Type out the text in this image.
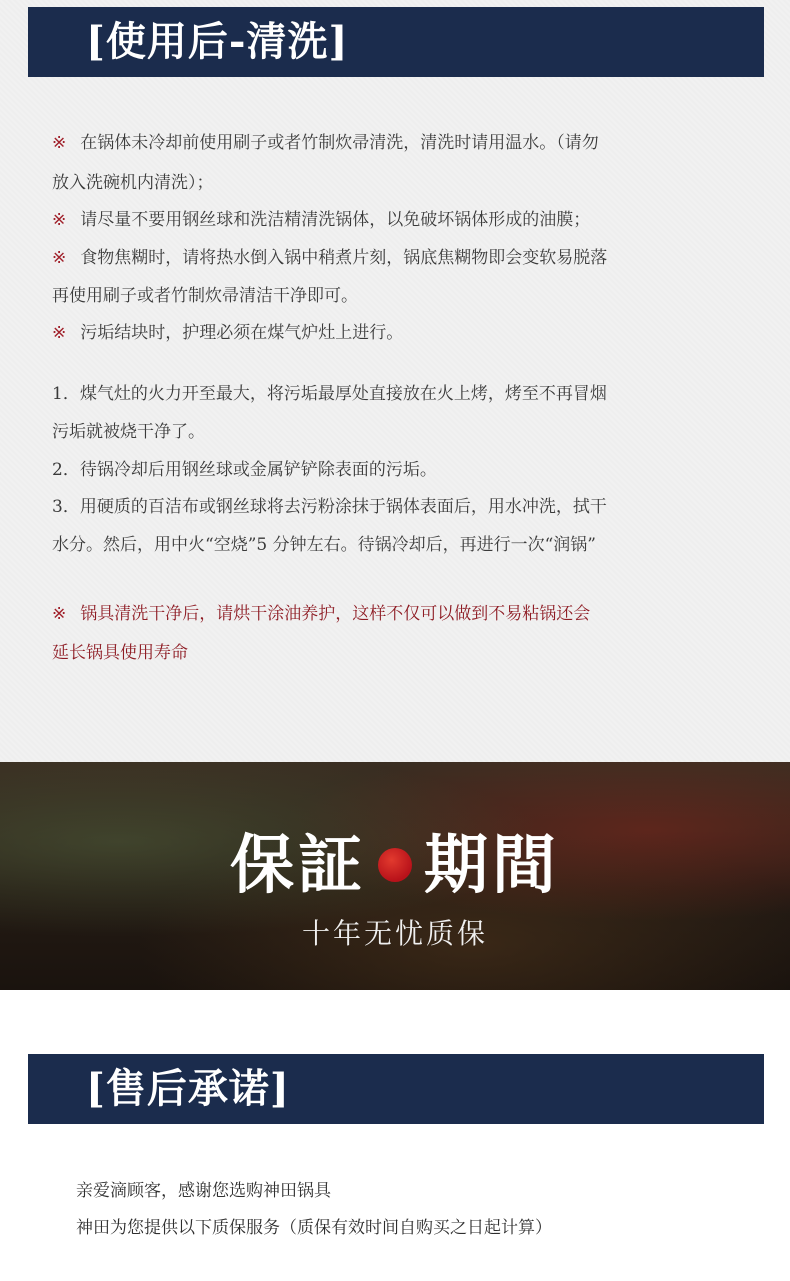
[使用后-清洗]
※ 在锅体未冷却前使用刷子或者竹制炊帚清洗，清洗时请用温水。（请勿
放入洗碗机内清洗）；
※ 请尽量不要用钢丝球和洗洁精清洗锅体，以免破坏锅体形成的油膜；
※ 食物焦糊时，请将热水倒入锅中稍煮片刻，锅底焦糊物即会变软易脱落
再使用刷子或者竹制炊帚清洁干净即可。
※ 污垢结块时，护理必须在煤气炉灶上进行。
1．煤气灶的火力开至最大，将污垢最厚处直接放在火上烤，烤至不再冒烟
污垢就被烧干净了。
2．待锅冷却后用钢丝球或金属铲铲除表面的污垢。
3．用硬质的百洁布或钢丝球将去污粉涂抹于锅体表面后，用水冲洗，拭干
水分。然后，用中火“空烧”5 分钟左右。待锅冷却后，再进行一次“润锅”
※ 锅具清洗干净后，请烘干涂油养护，这样不仅可以做到不易粘锅还会
延长锅具使用寿命
保証 期間
十年无忧质保
[售后承诺]
亲爱滴顾客，感谢您选购神田锅具
神田为您提供以下质保服务（质保有效时间自购买之日起计算）
